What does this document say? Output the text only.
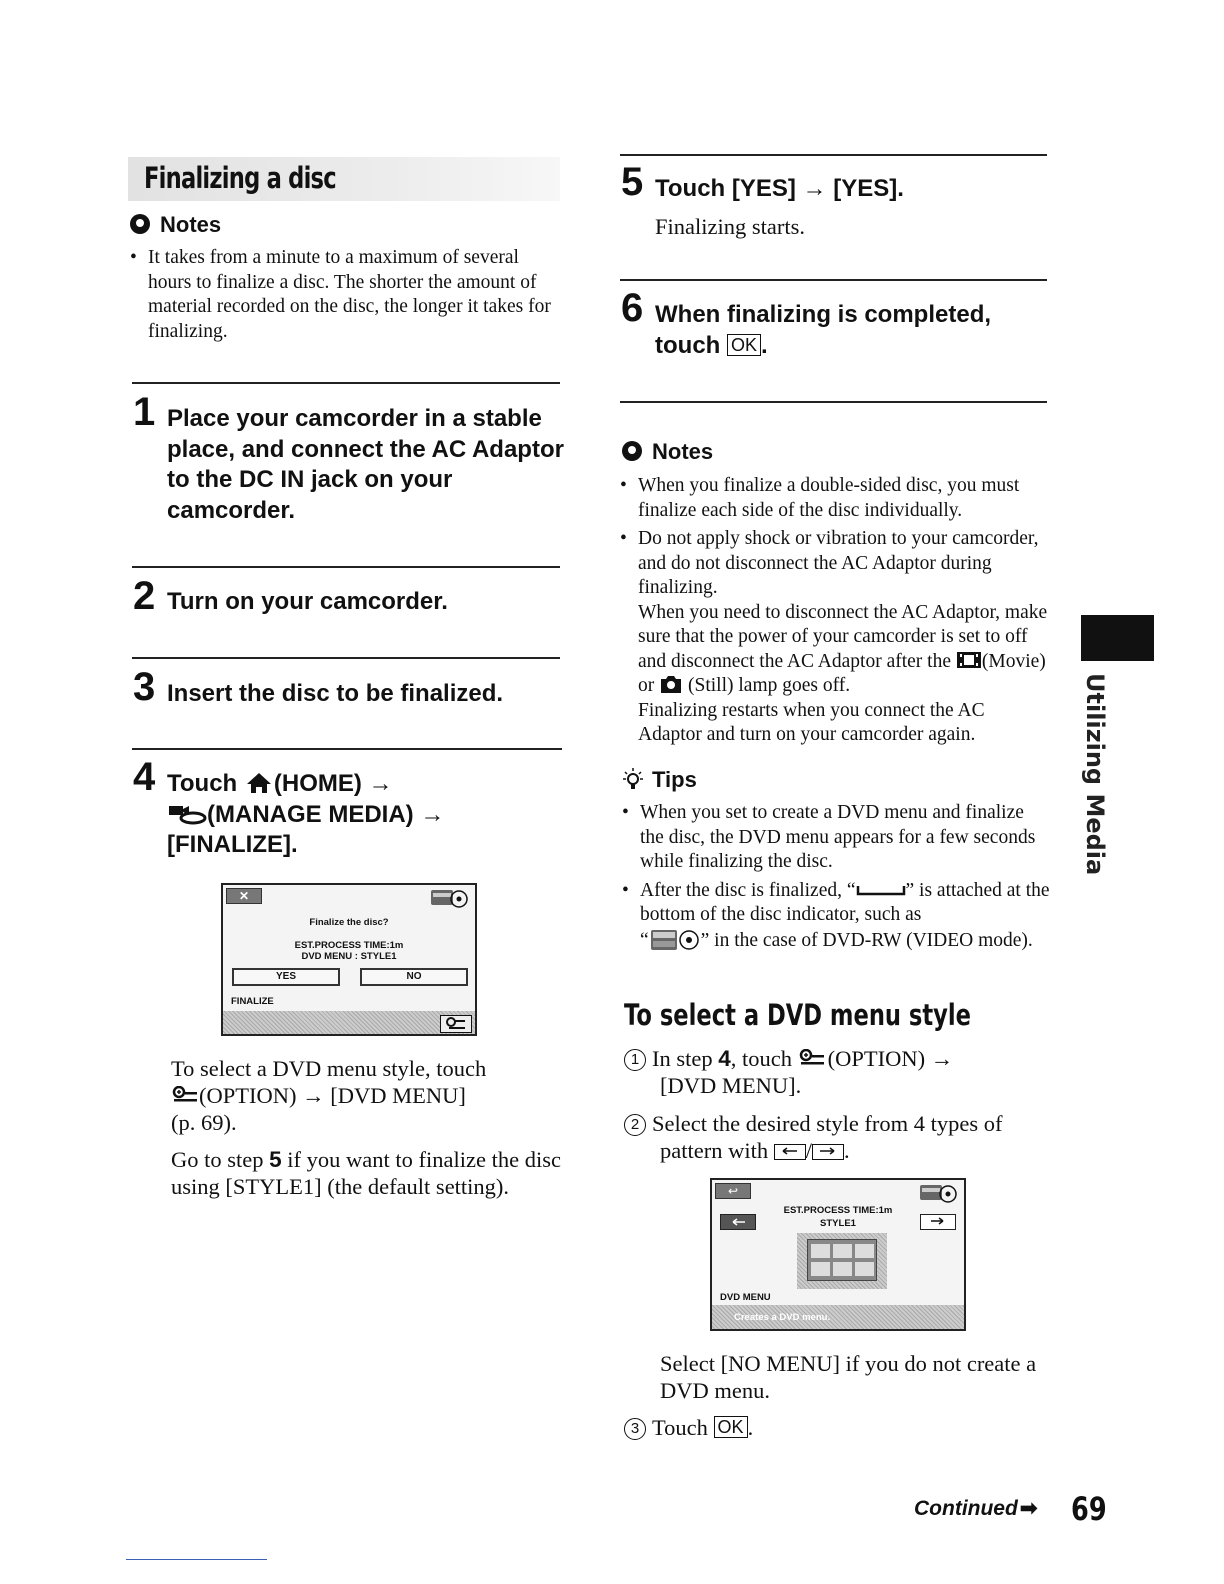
Finalizing a disc
Notes
• It takes from a minute to a maximum of several hours to finalize a disc. The shorter the amount of material recorded on the disc, the longer it takes for finalizing.
1 Place your camcorder in a stable place, and connect the AC Adaptor to the DC IN jack on your camcorder.
2 Turn on your camcorder.
3 Insert the disc to be finalized.
4 Touch (HOME) →
(MANAGE MEDIA) →
[FINALIZE].
✕
Finalize the disc?
EST.PROCESS TIME:1m
DVD MENU : STYLE1
YES	NO
FINALIZE
To select a DVD menu style, touch
(OPTION) → [DVD MENU]
(p. 69).
Go to step 5 if you want to finalize the disc using [STYLE1] (the default setting).
5 Touch [YES] → [YES].
Finalizing starts.
6 When finalizing is completed,
touch OK .
Notes
• When you finalize a double-sided disc, you must finalize each side of the disc individually.
• Do not apply shock or vibration to your camcorder, and do not disconnect the AC Adaptor during finalizing.
When you need to disconnect the AC Adaptor, make sure that the power of your camcorder is set to off and disconnect the AC Adaptor after the (Movie) or (Still) lamp goes off.
Finalizing restarts when you connect the AC Adaptor and turn on your camcorder again.
Tips
• When you set to create a DVD menu and finalize the disc, the DVD menu appears for a few seconds while finalizing the disc.
• After the disc is finalized, “	” is attached at the bottom of the disc indicator, such as
“	” in the case of DVD-RW (VIDEO mode).
To select a DVD menu style
1 In step 4, touch (OPTION) →
[DVD MENU].
2 Select the desired style from 4 types of
pattern with / .
↩
EST.PROCESS TIME:1m
STYLE1
DVD MENU
Creates a DVD menu.
Select [NO MENU] if you do not create a DVD menu.
3 Touch OK .
Utilizing Media
Continued➡ 69
